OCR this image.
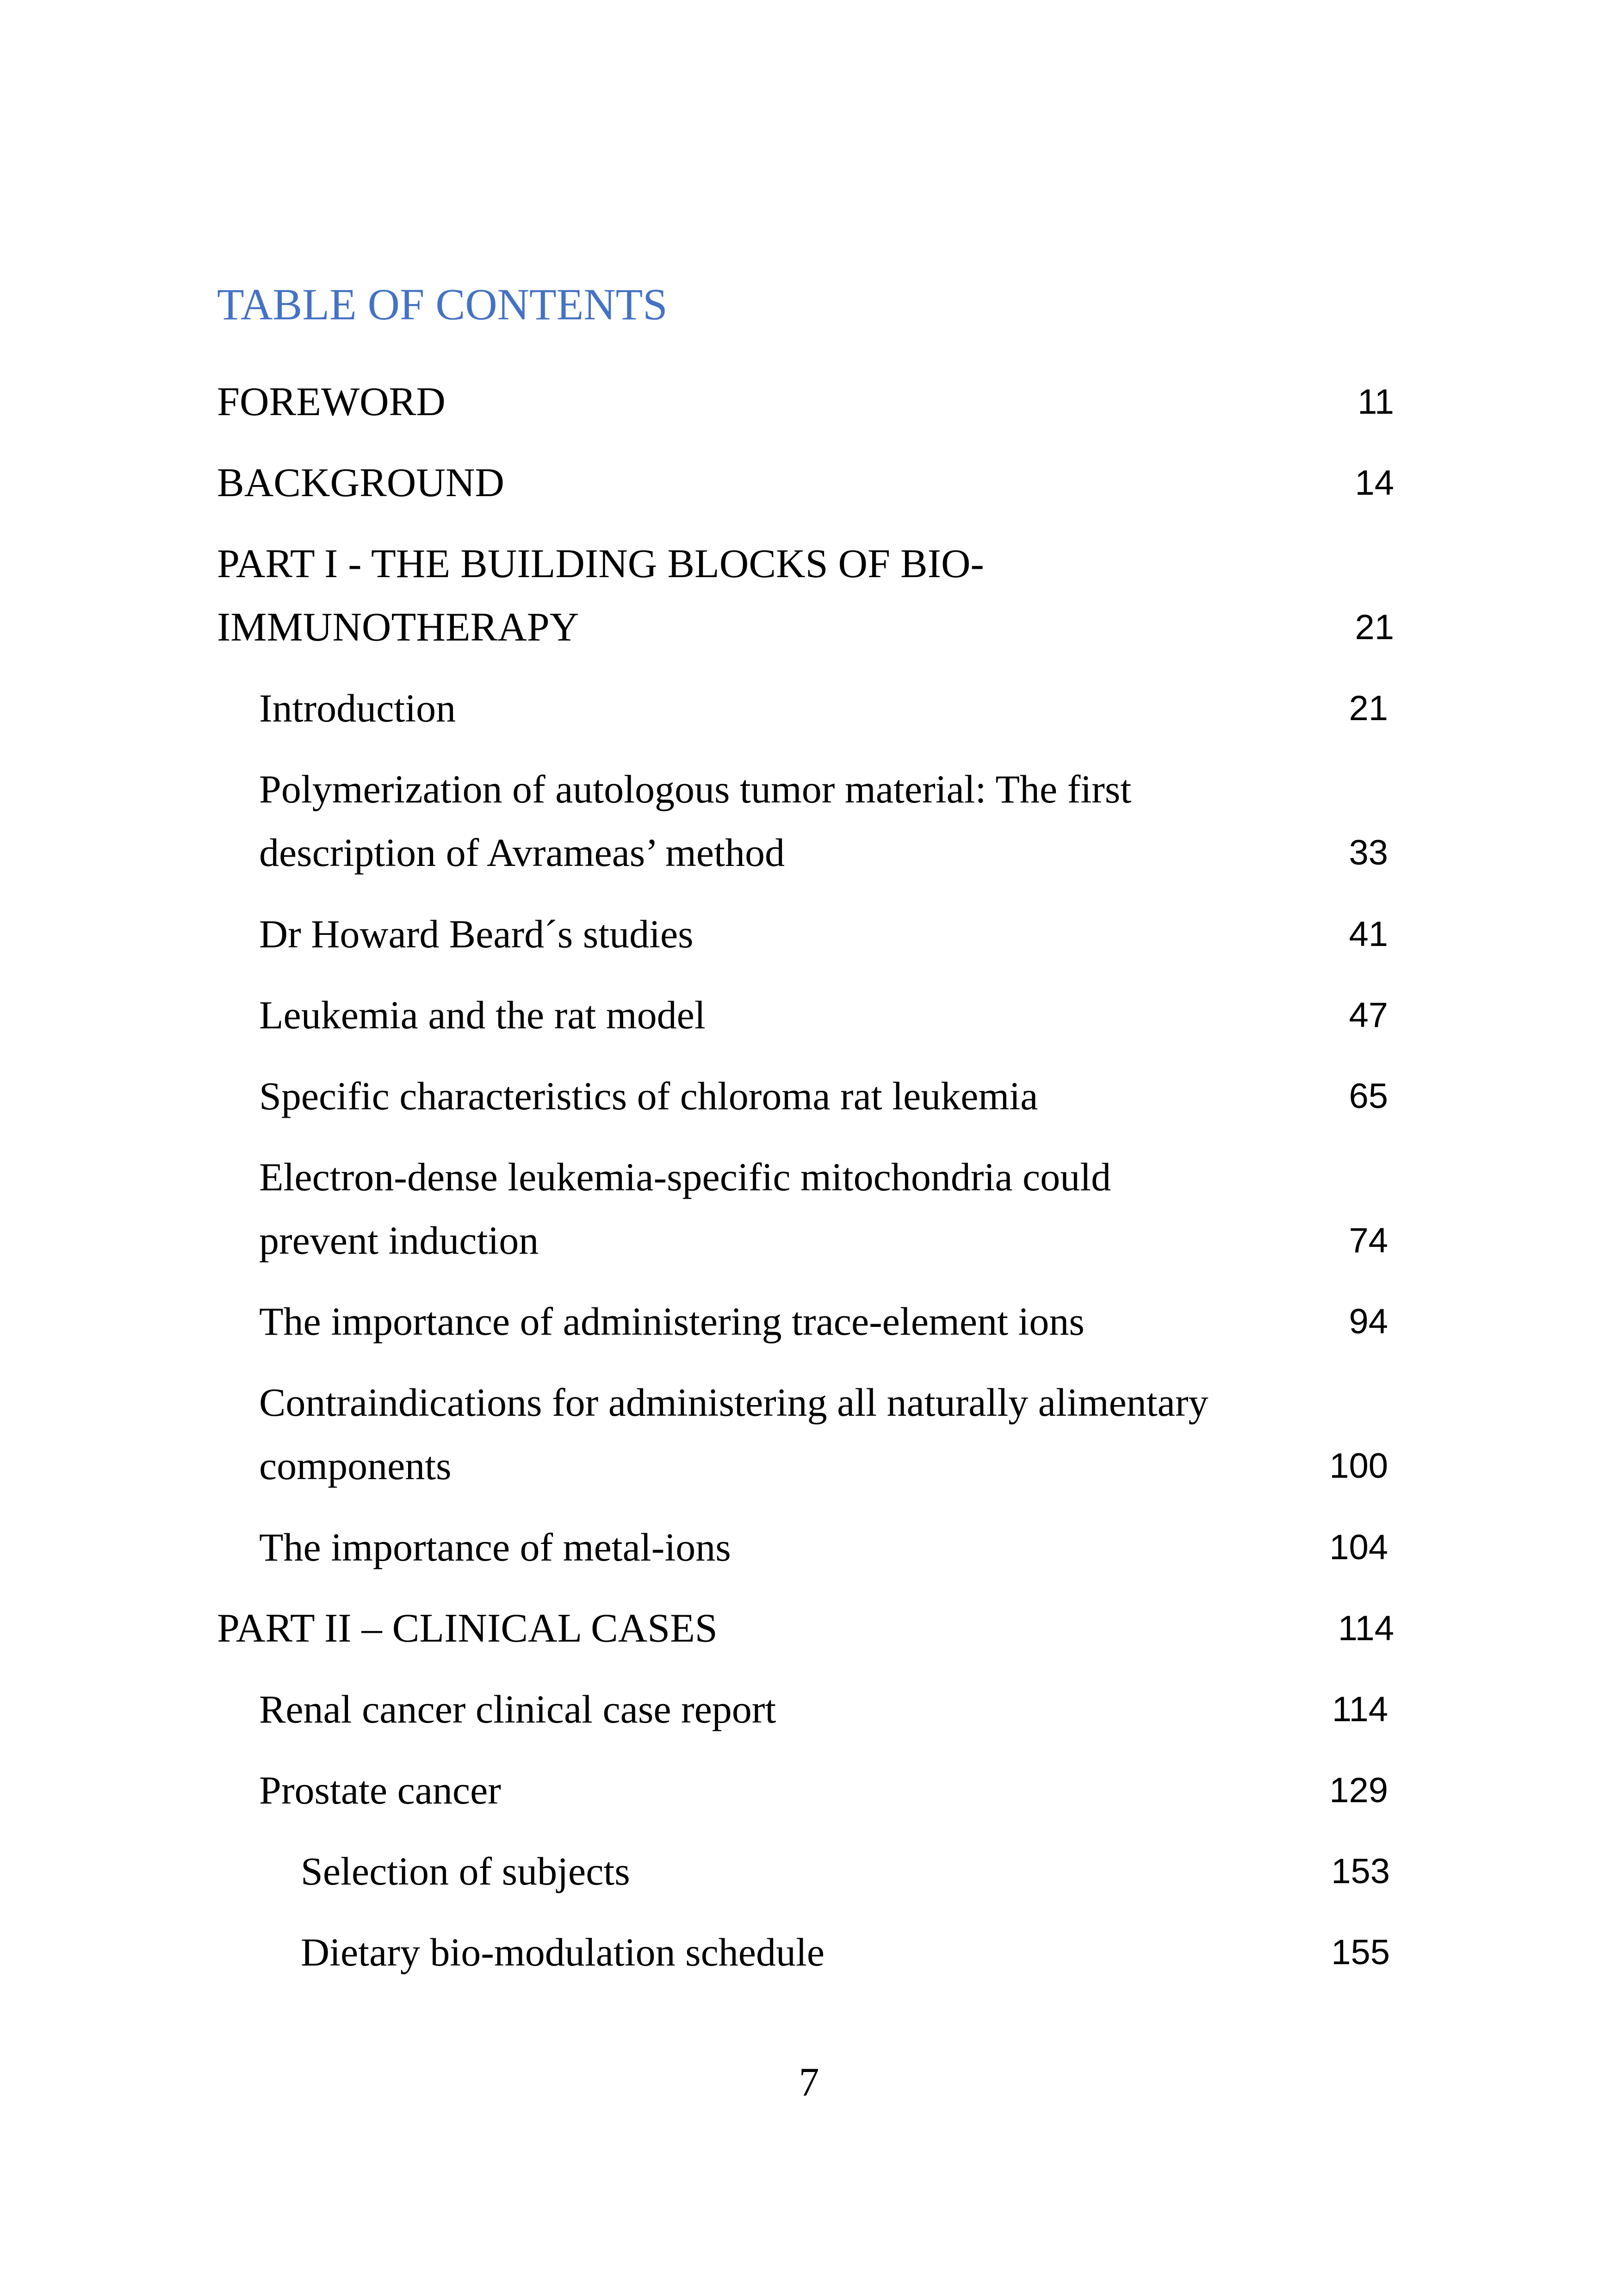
TABLE OF CONTENTS
FOREWORD	11
BACKGROUND	14
PART I - THE BUILDING BLOCKS OF BIO-
IMMUNOTHERAPY	21
Introduction	21
Polymerization of autologous tumor material: The first
description of Avrameas’ method	33
Dr Howard Beard´s studies	41
Leukemia and the rat model	47
Specific characteristics of chloroma rat leukemia	65
Electron-dense leukemia-specific mitochondria could
prevent induction	74
The importance of administering trace-element ions	94
Contraindications for administering all naturally alimentary
components	100
The importance of metal-ions	104
PART II – CLINICAL CASES	114
Renal cancer clinical case report	114
Prostate cancer	129
Selection of subjects	153
Dietary bio-modulation schedule	155
7
